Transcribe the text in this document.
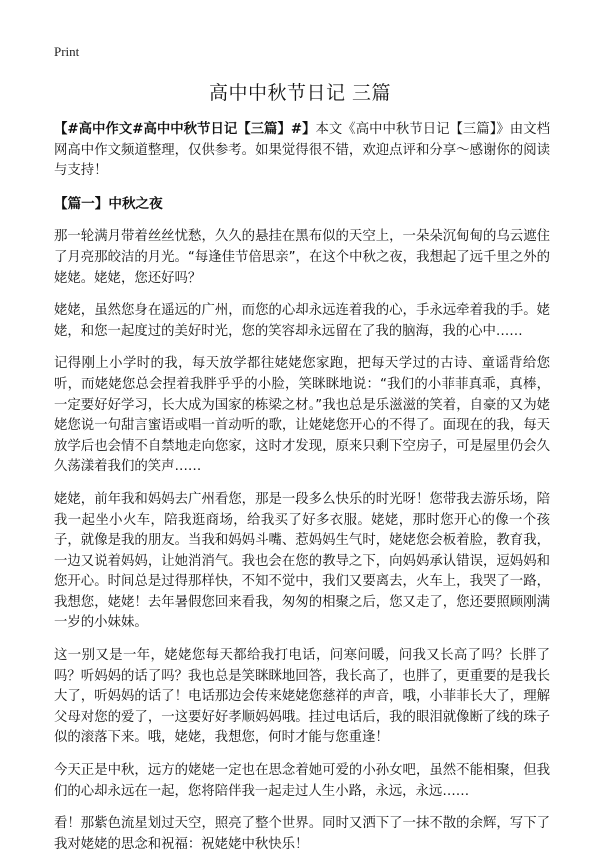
Print
高中中秋节日记 三篇

【#高中作文#高中中秋节日记【三篇】#】本文《高中中秋节日记【三篇】》由文档网高中作文频道整理，仅供参考。如果觉得很不错，欢迎点评和分享～感谢你的阅读与支持！

【篇一】中秋之夜

那一轮满月带着丝丝忧愁，久久的悬挂在黑布似的天空上，一朵朵沉甸甸的乌云遮住了月亮那皎洁的月光。“每逢佳节倍思亲”，在这个中秋之夜，我想起了远千里之外的姥姥。姥姥，您还好吗？

姥姥，虽然您身在遥远的广州，而您的心却永远连着我的心，手永远牵着我的手。姥姥，和您一起度过的美好时光，您的笑容却永远留在了我的脑海，我的心中……

记得刚上小学时的我，每天放学都往姥姥您家跑，把每天学过的古诗、童谣背给您听，而姥姥您总会捏着我胖乎乎的小脸，笑眯眯地说：“我们的小菲菲真乖，真棒，一定要好好学习，长大成为国家的栋梁之材。”我也总是乐滋滋的笑着，自豪的又为姥姥您说一句甜言蜜语或唱一首动听的歌，让姥姥您开心的不得了。面现在的我，每天放学后也会情不自禁地走向您家，这时才发现，原来只剩下空房子，可是屋里仍会久久荡漾着我们的笑声……

姥姥，前年我和妈妈去广州看您，那是一段多么快乐的时光呀！您带我去游乐场，陪我一起坐小火车，陪我逛商场，给我买了好多衣服。姥姥，那时您开心的像一个孩子，就像是我的朋友。当我和妈妈斗嘴、惹妈妈生气时，姥姥您会板着脸，教育我，一边又说着妈妈，让她消消气。我也会在您的教导之下，向妈妈承认错误，逗妈妈和您开心。时间总是过得那样快，不知不觉中，我们又要离去，火车上，我哭了一路，我想您，姥姥！去年暑假您回来看我，匆匆的相聚之后，您又走了，您还要照顾刚满一岁的小妹妹。

这一别又是一年，姥姥您每天都给我打电话，问寒问暖，问我又长高了吗？长胖了吗？听妈妈的话了吗？我也总是笑眯眯地回答，我长高了，也胖了，更重要的是我长大了，听妈妈的话了！电话那边会传来姥姥您慈祥的声音，哦，小菲菲长大了，理解父母对您的爱了，一这要好好孝顺妈妈哦。挂过电话后，我的眼泪就像断了线的珠子似的滚落下来。哦，姥姥，我想您，何时才能与您重逢！

今天正是中秋，远方的姥姥一定也在思念着她可爱的小孙女吧，虽然不能相聚，但我们的心却永远在一起，您将陪伴我一起走过人生小路，永远，永远……

看！那紫色流星划过天空，照亮了整个世界。同时又洒下了一抹不散的余辉，写下了我对姥姥的思念和祝福：祝姥姥中秋快乐！
